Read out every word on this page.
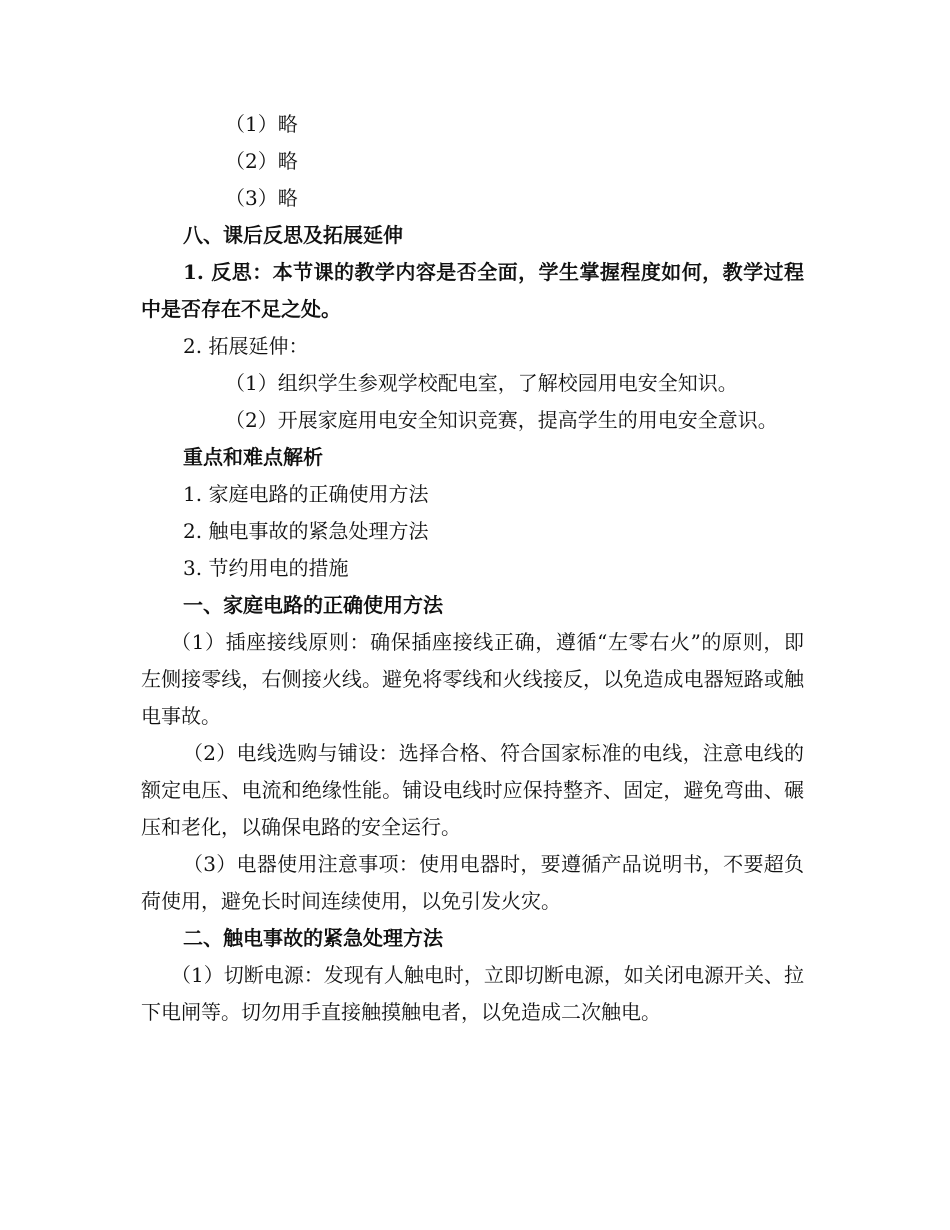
（1）略
（2）略
（3）略
八、课后反思及拓展延伸
1. 反思：本节课的教学内容是否全面，学生掌握程度如何，教学过程中是否存在不足之处。
2. 拓展延伸：
（1）组织学生参观学校配电室，了解校园用电安全知识。
（2）开展家庭用电安全知识竞赛，提高学生的用电安全意识。
重点和难点解析
1. 家庭电路的正确使用方法
2. 触电事故的紧急处理方法
3. 节约用电的措施
一、家庭电路的正确使用方法
（1）插座接线原则：确保插座接线正确，遵循“左零右火”的原则，即左侧接零线，右侧接火线。避免将零线和火线接反，以免造成电器短路或触电事故。
（2）电线选购与铺设：选择合格、符合国家标准的电线，注意电线的额定电压、电流和绝缘性能。铺设电线时应保持整齐、固定，避免弯曲、碾压和老化，以确保电路的安全运行。
（3）电器使用注意事项：使用电器时，要遵循产品说明书，不要超负荷使用，避免长时间连续使用，以免引发火灾。
二、触电事故的紧急处理方法
（1）切断电源：发现有人触电时，立即切断电源，如关闭电源开关、拉下电闸等。切勿用手直接触摸触电者，以免造成二次触电。
